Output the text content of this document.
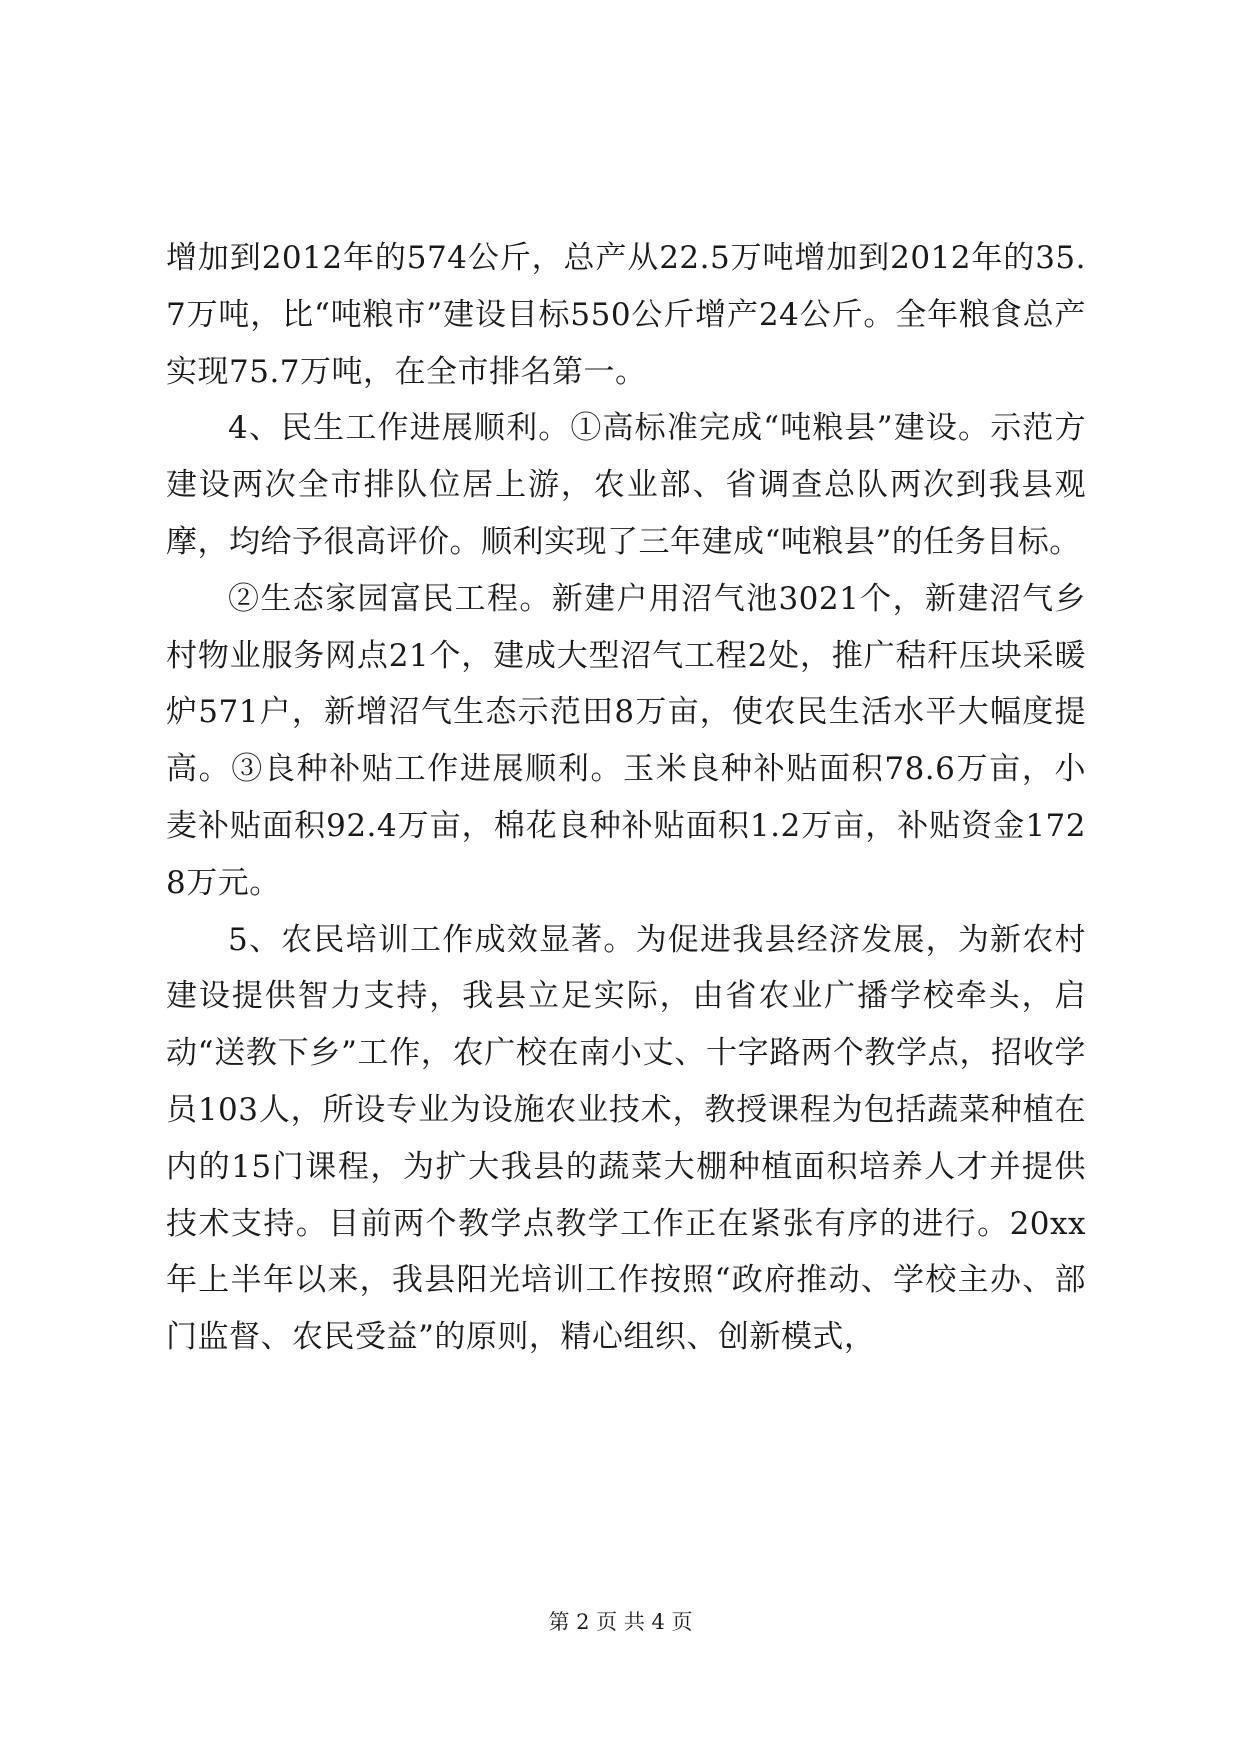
增加到2012年的574公斤，总产从22.5万吨增加到2012年的35.7万吨，比“吨粮市”建设目标550公斤增产24公斤。全年粮食总产实现75.7万吨，在全市排名第一。

4、民生工作进展顺利。①高标准完成“吨粮县”建设。示范方建设两次全市排队位居上游，农业部、省调查总队两次到我县观摩，均给予很高评价。顺利实现了三年建成“吨粮县”的任务目标。

②生态家园富民工程。新建户用沼气池3021个，新建沼气乡村物业服务网点21个，建成大型沼气工程2处，推广秸秆压块采暖炉571户，新增沼气生态示范田8万亩，使农民生活水平大幅度提高。③良种补贴工作进展顺利。玉米良种补贴面积78.6万亩，小麦补贴面积92.4万亩，棉花良种补贴面积1.2万亩，补贴资金1728万元。

5、农民培训工作成效显著。为促进我县经济发展，为新农村建设提供智力支持，我县立足实际，由省农业广播学校牵头，启动“送教下乡”工作，农广校在南小丈、十字路两个教学点，招收学员103人，所设专业为设施农业技术，教授课程为包括蔬菜种植在内的15门课程，为扩大我县的蔬菜大棚种植面积培养人才并提供技术支持。目前两个教学点教学工作正在紧张有序的进行。20xx年上半年以来，我县阳光培训工作按照“政府推动、学校主办、部门监督、农民受益”的原则，精心组织、创新模式，

第 2 页 共 4 页
